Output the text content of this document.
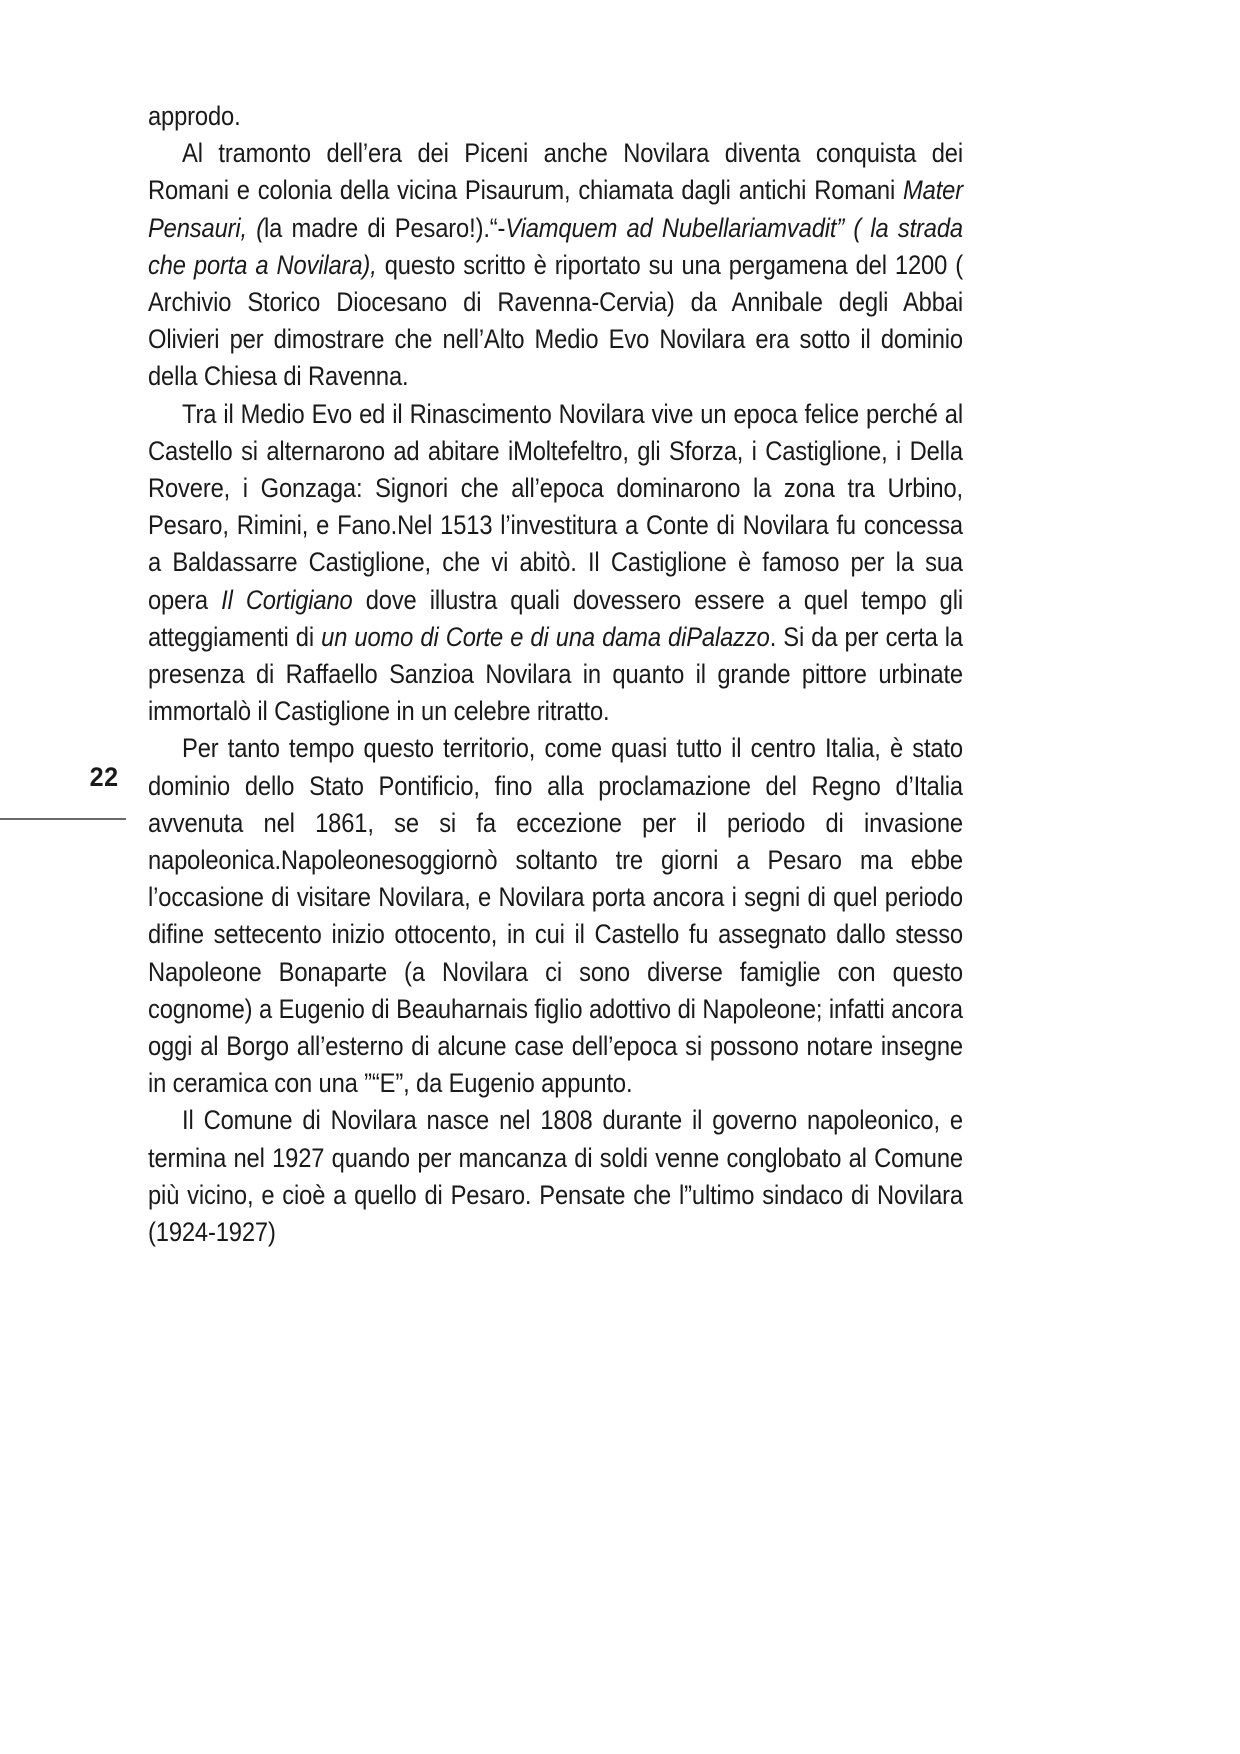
22

approdo.

Al tramonto dell’era dei Piceni anche Novilara diventa conquista dei Romani e colonia della vicina Pisaurum, chiamata dagli antichi Romani Mater Pensauri, (la madre di Pesaro!).“-Viamquem ad Nubellariamvadit” ( la strada che porta a Novilara), questo scritto è riportato su una pergamena del 1200 ( Archivio Storico Diocesano di Ravenna-Cervia) da Annibale degli Abbai Olivieri per dimostrare che nell’Alto Medio Evo Novilara era sotto il dominio della Chiesa di Ravenna.

Tra il Medio Evo ed il Rinascimento Novilara vive un epoca felice perché al Castello si alternarono ad abitare iMoltefeltro, gli Sforza, i Castiglione, i Della Rovere, i Gonzaga: Signori che all’epoca dominarono la zona tra Urbino, Pesaro, Rimini, e Fano.Nel 1513 l’investitura a Conte di Novilara fu concessa a Baldassarre Castiglione, che vi abitò. Il Castiglione è famoso per la sua opera Il Cortigiano dove illustra quali dovessero essere a quel tempo gli atteggiamenti di un uomo di Corte e di una dama diPalazzo. Si da per certa la presenza di Raffaello Sanzioa Novilara in quanto il grande pittore urbinate immortalò il Castiglione in un celebre ritratto.

Per tanto tempo questo territorio, come quasi tutto il centro Italia, è stato dominio dello Stato Pontificio, fino alla proclamazione del Regno d’Italia avvenuta nel 1861, se si fa eccezione per il periodo di invasione napoleonica.Napoleonesoggiornò soltanto tre giorni a Pesaro ma ebbe l’occasione di visitare Novilara, e Novilara porta ancora i segni di quel periodo difine settecento inizio ottocento, in cui il Castello fu assegnato dallo stesso Napoleone Bonaparte (a Novilara ci sono diverse famiglie con questo cognome) a Eugenio di Beauharnais figlio adottivo di Napoleone; infatti ancora oggi al Borgo all’esterno di alcune case dell’epoca si possono notare insegne in ceramica con una ”“E”, da Eugenio appunto.

Il Comune di Novilara nasce nel 1808 durante il governo napoleonico, e termina nel 1927 quando per mancanza di soldi venne conglobato al Comune più vicino, e cioè a quello di Pesaro. Pensate che l”ultimo sindaco di Novilara (1924-1927)
